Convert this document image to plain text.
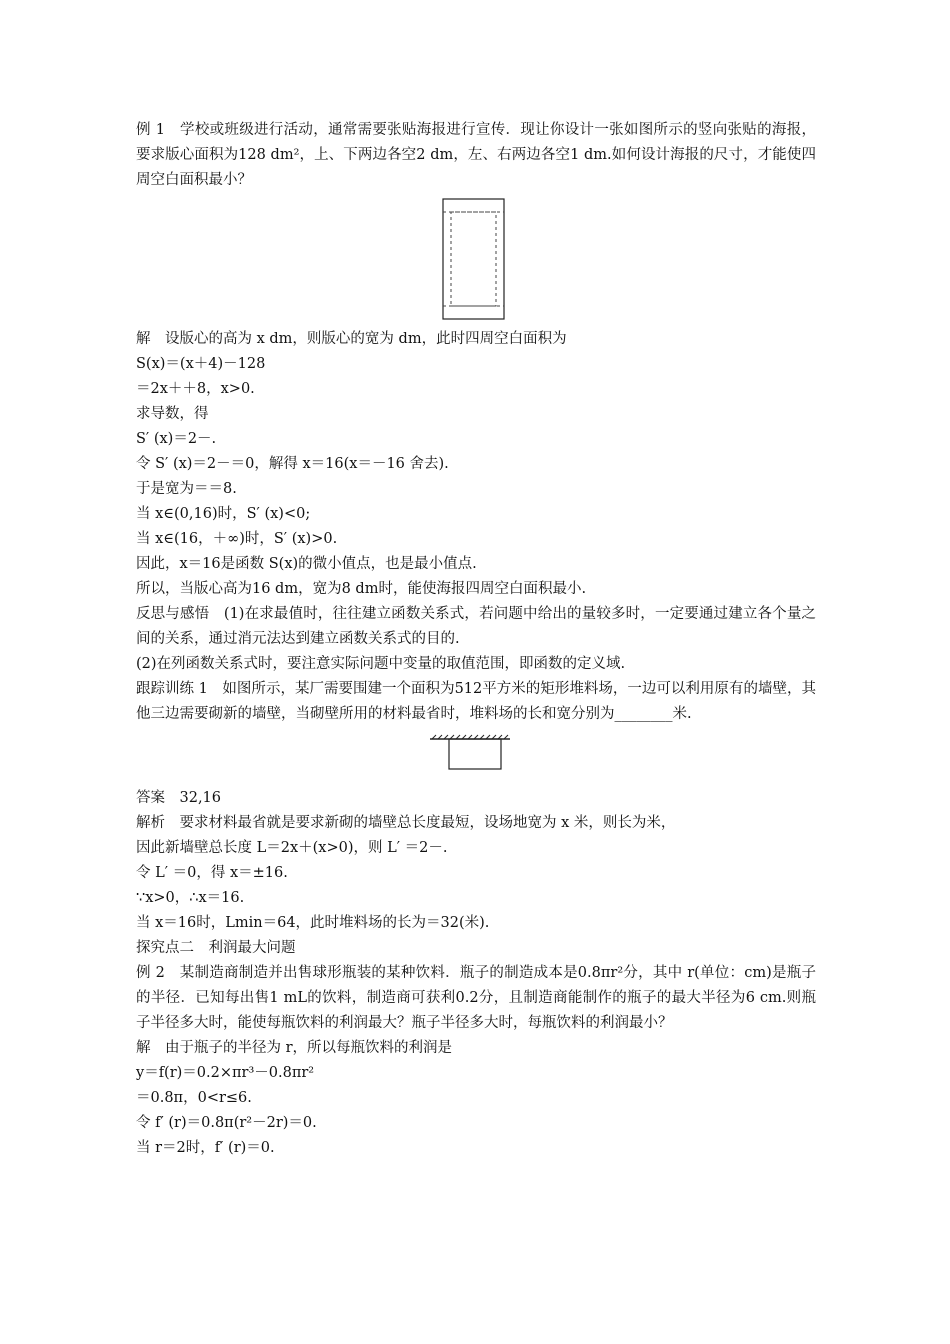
例 1　学校或班级进行活动，通常需要张贴海报进行宣传．现让你设计一张如图所示的竖向张贴的海报，要求版心面积为128 dm²，上、下两边各空2 dm，左、右两边各空1 dm.如何设计海报的尺寸，才能使四周空白面积最小？
解　设版心的高为 x dm，则版心的宽为 dm，此时四周空白面积为
S(x)＝(x＋4)－128
＝2x＋＋8，x>0.
求导数，得
S′ (x)＝2－.
令 S′ (x)＝2－＝0，解得 x＝16(x＝－16 舍去).
于是宽为＝＝8.
当 x∈(0,16)时，S′ (x)<0;
当 x∈(16，＋∞)时，S′ (x)>0.
因此，x＝16是函数 S(x)的微小值点，也是最小值点.
所以，当版心高为16 dm，宽为8 dm时，能使海报四周空白面积最小.
反思与感悟　(1)在求最值时，往往建立函数关系式，若问题中给出的量较多时，一定要通过建立各个量之间的关系，通过消元法达到建立函数关系式的目的.
(2)在列函数关系式时，要注意实际问题中变量的取值范围，即函数的定义域.
跟踪训练 1　如图所示，某厂需要围建一个面积为512平方米的矩形堆料场，一边可以利用原有的墙壁，其他三边需要砌新的墙壁，当砌壁所用的材料最省时，堆料场的长和宽分别为________米.
答案　32,16
解析　要求材料最省就是要求新砌的墙壁总长度最短，设场地宽为 x 米，则长为米，
因此新墙壁总长度 L＝2x＋(x>0)，则 L′ ＝2－.
令 L′ ＝0，得 x＝±16.
∵x>0，∴x＝16.
当 x＝16时，Lmin＝64，此时堆料场的长为＝32(米).
探究点二　利润最大问题
例 2　某制造商制造并出售球形瓶装的某种饮料．瓶子的制造成本是0.8πr²分，其中 r(单位：cm)是瓶子的半径．已知每出售1 mL的饮料，制造商可获利0.2分，且制造商能制作的瓶子的最大半径为6 cm.则瓶子半径多大时，能使每瓶饮料的利润最大？瓶子半径多大时，每瓶饮料的利润最小？
解　由于瓶子的半径为 r，所以每瓶饮料的利润是
y＝f(r)＝0.2×πr³－0.8πr²
＝0.8π，0<r≤6.
令 f′ (r)＝0.8π(r²－2r)＝0.
当 r＝2时，f′ (r)＝0.
